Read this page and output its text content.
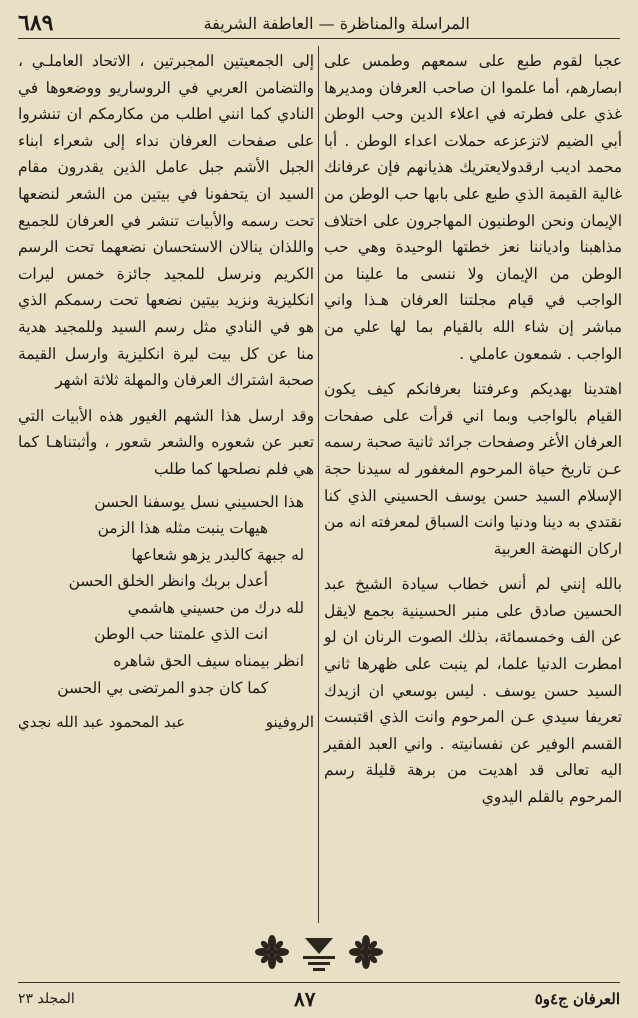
٦٨٩	المراسلة والمناظرة — العاطفة الشريفة

عجبا لقوم طبع على سمعهم وطمس على ابصارهم، أما علموا ان صاحب العرفان ومديرها غذي على فطرته في اعلاء الدين وحب الوطن أبي الضيم لاتزعزعه حملات اعداء الوطن . أبا محمد اديب ارقدولايعتريك هذيانهم فإن عرفانك غالية القيمة الذي طبع على بابها حب الوطن من الإيمان ونحن الوطنيون المهاجرون على اختلاف مذاهبنا وادياننا نعز خطتها الوحيدة وهي حب الوطن من الإيمان ولا ننسى ما علينا من الواجب في قيام مجلتنا العرفان هـذا واني مباشر إن شاء الله بالقيام بما لها علي من الواجب . شمعون عاملي .

اهتدينا بهديكم وعرفتنا بعرفانكم كيف يكون القيام بالواجب وبما اني قرأت على صفحات العرفان الأغر وصفحات جرائد ثانية صحبة رسمه عـن تاريخ حياة المرحوم المغفور له سيدنا حجة الإسلام السيد حسن يوسف الحسيني الذي كنا نقتدي به دينا ودنيا وانت السباق لمعرفته انه من اركان النهضة العربية

بالله إنني لم أنس خطاب سيادة الشيخ عبد الحسين صادق على منبر الحسينية بجمع لايقل عن الف وخمسمائة، بذلك الصوت الرنان ان لو امطرت الدنيا علما، لم ينبت على ظهرها ثاني السيد حسن يوسف . ليس بوسعي ان ازيدك تعريفا سيدي عـن المرحوم وانت الذي اقتبست القسم الوفير عن نفسانيته . واني العبد الفقير اليه تعالى قد اهديت من برهة قليلة رسم المرحوم بالقلم اليدوي

إلى الجمعيتين المجبرتين ، الاتحاد العاملـي ، والتضامن العربي في الروساريو ووضعوها في النادي كما انني اطلب من مكارمكم ان تنشروا على صفحات العرفان نداء إلى شعراء ابناء الجبل الأشم جبل عامل الذين يقدرون مقام السيد ان يتحفونا في بيتين من الشعر لنضعها تحت رسمه والأبيات تنشر في العرفان للجميع واللذان ينالان الاستحسان نضعهما تحت الرسم الكريم ونرسل للمجيد جائزة خمس ليرات انكليزية ونزيد بيتين نضعها تحت رسمكم الذي هو في النادي مثل رسم السيد وللمجيد هدية منا عن كل بيت ليرة انكليزية وارسل القيمة صحبة اشتراك العرفان والمهلة ثلاثة اشهر

وقد ارسل هذا الشهم الغيور هذه الأبيات التي تعبر عن شعوره والشعر شعور ، وأثبتناهـا كما هي فلم نصلحها كما طلب

هذا الحسيني نسل يوسفنا الحسن

هيهات ينبت مثله هذا الزمن

له جبهة كالبدر يزهو شعاعها

أعدل بربك وانظر الخلق الحسن

لله درك من حسيني هاشمي

انت الذي علمتنا حب الوطن

انظر بيمناه سيف الحق شاهره

كما كان جدو المرتضى بي الحسن

الروفينو
عبد المحمود عبد الله نجدي
المجلد ٢٣	٨٧	العرفان ج٤و٥
